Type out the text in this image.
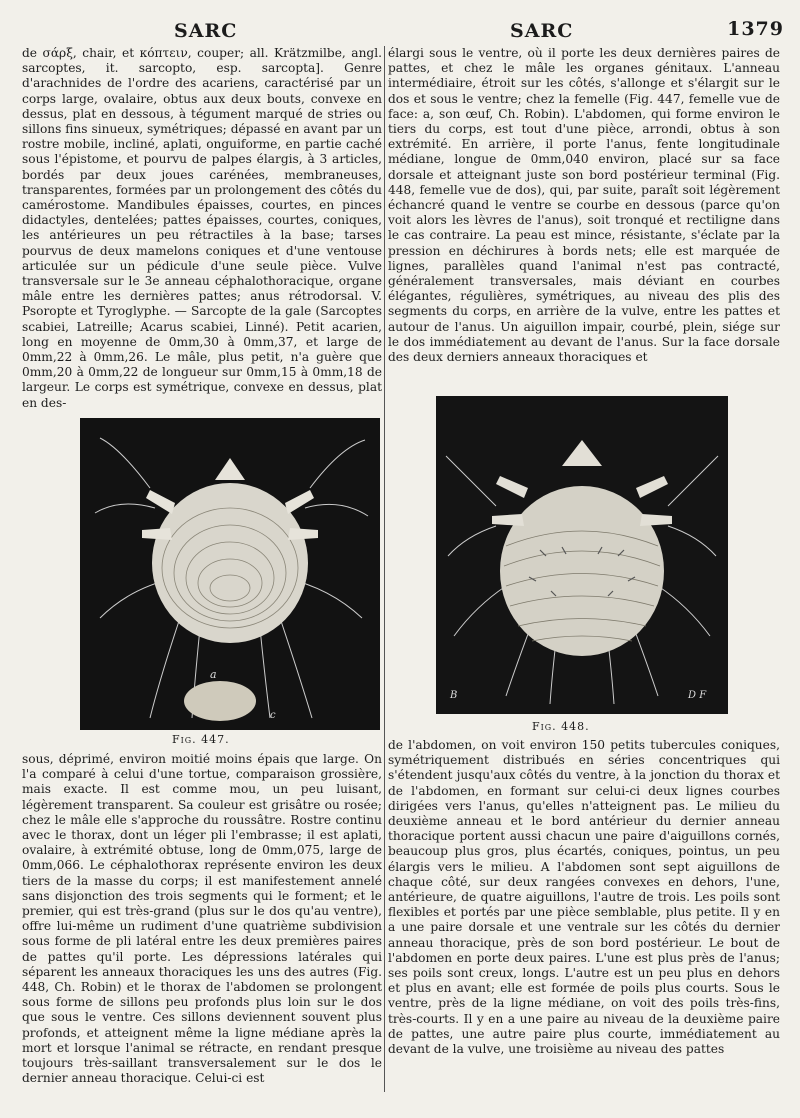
SARC	SARC	1379

de σάρξ, chair, et κόπτειν, couper; all. Krätzmilbe, angl. sarcoptes, it. sarcopto, esp. sarcopta]. Genre d'arachnides de l'ordre des acariens, caractérisé par un corps large, ovalaire, obtus aux deux bouts, convexe en dessus, plat en dessous, à tégument marqué de stries ou sillons fins sinueux, symétriques; dépassé en avant par un rostre mobile, incliné, aplati, onguiforme, en partie caché sous l'épistome, et pourvu de palpes élargis, à 3 articles, bordés par deux joues carénées, membraneuses, transparentes, formées par un prolongement des côtés du camérostome. Mandibules épaisses, courtes, en pinces didactyles, dentelées; pattes épaisses, courtes, coniques, les antérieures un peu rétractiles à la base; tarses pourvus de deux mamelons coniques et d'une ventouse articulée sur un pédicule d'une seule pièce. Vulve transversale sur le 3e anneau céphalothoracique, organe mâle entre les dernières pattes; anus rétrodorsal. V. Psoropte et Tyroglyphe. — Sarcopte de la gale (Sarcoptes scabiei, Latreille; Acarus scabiei, Linné). Petit acarien, long en moyenne de 0mm,30 à 0mm,37, et large de 0mm,22 à 0mm,26. Le mâle, plus petit, n'a guère que 0mm,20 à 0mm,22 de longueur sur 0mm,15 à 0mm,18 de largeur. Le corps est symétrique, convexe en dessus, plat en des-

a
c
Fig. 447.

sous, déprimé, environ moitié moins épais que large. On l'a comparé à celui d'une tortue, comparaison grossière, mais exacte. Il est comme mou, un peu luisant, légèrement transparent. Sa couleur est grisâtre ou rosée; chez le mâle elle s'approche du roussâtre. Rostre continu avec le thorax, dont un léger pli l'embrasse; il est aplati, ovalaire, à extrémité obtuse, long de 0mm,075, large de 0mm,066. Le céphalothorax représente environ les deux tiers de la masse du corps; il est manifestement annelé sans disjonction des trois segments qui le forment; et le premier, qui est très-grand (plus sur le dos qu'au ventre), offre lui-même un rudiment d'une quatrième subdivision sous forme de pli latéral entre les deux premières paires de pattes qu'il porte. Les dépressions latérales qui séparent les anneaux thoraciques les uns des autres (Fig. 448, Ch. Robin) et le thorax de l'abdomen se prolongent sous forme de sillons peu profonds plus loin sur le dos que sous le ventre. Ces sillons deviennent souvent plus profonds, et atteignent même la ligne médiane après la mort et lorsque l'animal se rétracte, en rendant presque toujours très-saillant transversalement sur le dos le dernier anneau thoracique. Celui-ci est

élargi sous le ventre, où il porte les deux dernières paires de pattes, et chez le mâle les organes génitaux. L'anneau intermédiaire, étroit sur les côtés, s'allonge et s'élargit sur le dos et sous le ventre; chez la femelle (Fig. 447, femelle vue de face: a, son œuf, Ch. Robin). L'abdomen, qui forme environ le tiers du corps, est tout d'une pièce, arrondi, obtus à son extrémité. En arrière, il porte l'anus, fente longitudinale médiane, longue de 0mm,040 environ, placé sur sa face dorsale et atteignant juste son bord postérieur terminal (Fig. 448, femelle vue de dos), qui, par suite, paraît soit légèrement échancré quand le ventre se courbe en dessous (parce qu'on voit alors les lèvres de l'anus), soit tronqué et rectiligne dans le cas contraire. La peau est mince, résistante, s'éclate par la pression en déchirures à bords nets; elle est marquée de lignes, parallèles quand l'animal n'est pas contracté, généralement transversales, mais déviant en courbes élégantes, régulières, symétriques, au niveau des plis des segments du corps, en arrière de la vulve, entre les pattes et autour de l'anus. Un aiguillon impair, courbé, plein, siége sur le dos immédiatement au devant de l'anus. Sur la face dorsale des deux derniers anneaux thoraciques et

B	D F
Fig. 448.

de l'abdomen, on voit environ 150 petits tubercules coniques, symétriquement distribués en séries concentriques qui s'étendent jusqu'aux côtés du ventre, à la jonction du thorax et de l'abdomen, en formant sur celui-ci deux lignes courbes dirigées vers l'anus, qu'elles n'atteignent pas. Le milieu du deuxième anneau et le bord antérieur du dernier anneau thoracique portent aussi chacun une paire d'aiguillons cornés, beaucoup plus gros, plus écartés, coniques, pointus, un peu élargis vers le milieu. A l'abdomen sont sept aiguillons de chaque côté, sur deux rangées convexes en dehors, l'une, antérieure, de quatre aiguillons, l'autre de trois. Les poils sont flexibles et portés par une pièce semblable, plus petite. Il y en a une paire dorsale et une ventrale sur les côtés du dernier anneau thoracique, près de son bord postérieur. Le bout de l'abdomen en porte deux paires. L'une est plus près de l'anus; ses poils sont creux, longs. L'autre est un peu plus en dehors et plus en avant; elle est formée de poils plus courts. Sous le ventre, près de la ligne médiane, on voit des poils très-fins, très-courts. Il y en a une paire au niveau de la deuxième paire de pattes, une autre paire plus courte, immédiatement au devant de la vulve, une troisième au niveau des pattes
